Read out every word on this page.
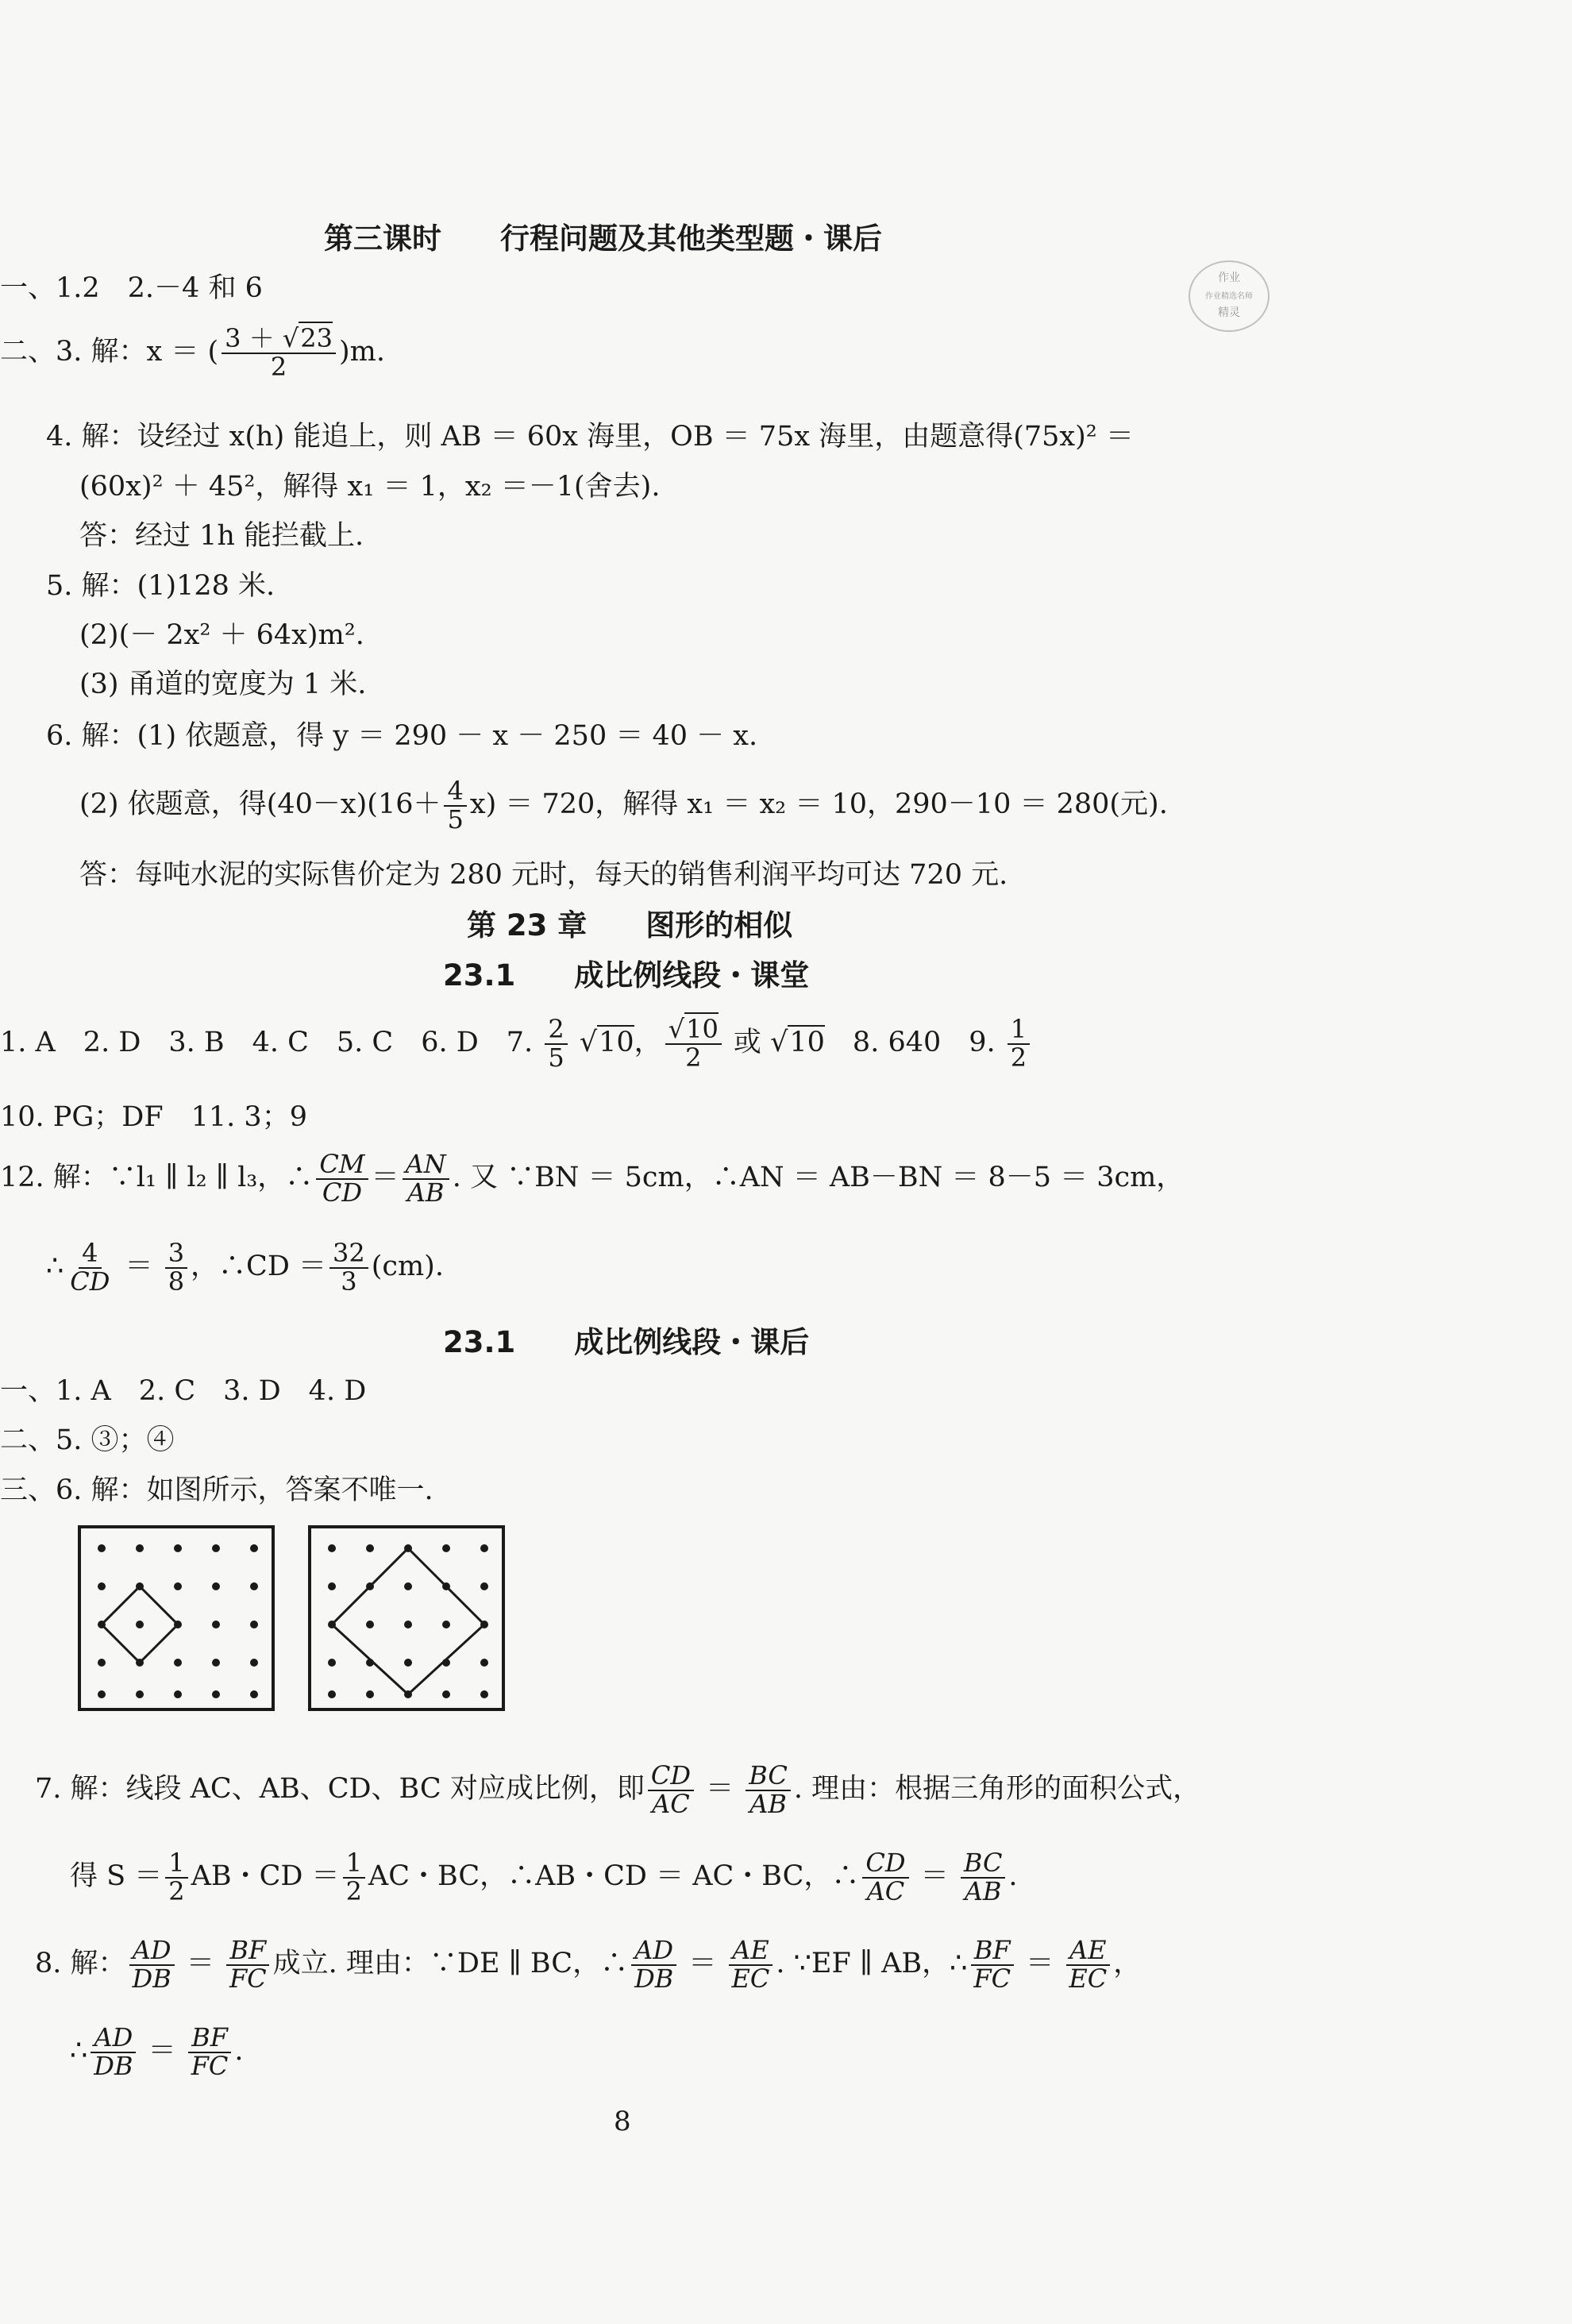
第三课时　　行程问题及其他类型题・课后
作业
作业精选名师
精灵
一、1.2　2.－4 和 6
二、3. 解：x ＝ ( $\frac{3 + √23}{2} )m$.
4. 解：设经过 x(h) 能追上，则 AB ＝ 60x 海里，OB ＝ 75x 海里，由题意得(75x)² ＝
(60x)² ＋ 45²，解得 x₁ ＝ 1，x₂ ＝－1(舍去).
答：经过 1h 能拦截上.
5. 解：(1)128 米.
(2)(－ 2x² ＋ 64x)m².
(3) 甬道的宽度为 1 米.
6. 解：(1) 依题意，得 y ＝ 290 － x － 250 ＝ 40 － x.
(2) 依题意，得$(40-x)(16+ \frac{4}{5} x) = 720$，解得 x₁ ＝ x₂ ＝ 10，290－10 ＝ 280(元).
答：每吨水泥的实际售价定为 280 元时，每天的销售利润平均可达 720 元.
第 23 章　　图形的相似
23.1　　成比例线段・课堂
1. A　2. D　3. B　4. C　5. C　6. D　7. $\frac{2}{5} √10$， $\frac{√10}{2}$ 或 √10　8. 640　9. $\frac{1}{2}$
10. PG；DF　11. 3；9
12. 解：∵l₁ ∥ l₂ ∥ l₃，∴ $\frac{CM}{CD} = \frac{AN}{AB}$ . 又 ∵BN ＝ 5cm，∴AN ＝ AB－BN ＝ 8－5 ＝ 3cm，
∴ $\frac{4}{CD} = \frac{3}{8}$ ，∴CD ＝ $\frac{32}{3} (cm)$.
23.1　　成比例线段・课后
一、1. A　2. C　3. D　4. D
二、5. ③；④
三、6. 解：如图所示，答案不唯一.
7. 解：线段 AC、AB、CD、BC 对应成比例，即 $\frac{CD}{AC} = \frac{BC}{AB}$ . 理由：根据三角形的面积公式，
得 $S = \frac{1}{2}$ AB・CD ＝ $\frac{1}{2}$ AC・BC，∴AB・CD ＝ AC・BC，∴ $\frac{CD}{AC} = \frac{BC}{AB}$ .
8. 解： $\frac{AD}{DB} = \frac{BF}{FC}$ 成立. 理由：∵DE ∥ BC，∴ $\frac{AD}{DB} = \frac{AE}{EC}$ . ∵EF ∥ AB，∴ $\frac{BF}{FC} = \frac{AE}{EC}$ ，
∴ $\frac{AD}{DB} = \frac{BF}{FC}$ .
8
